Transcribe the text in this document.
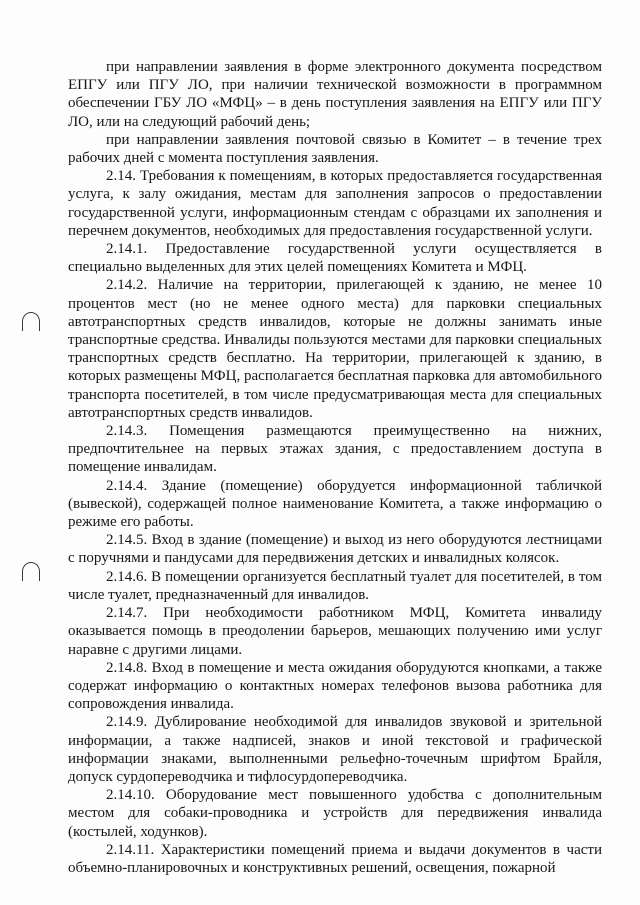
при направлении заявления в форме электронного документа посредством ЕПГУ или ПГУ ЛО, при наличии технической возможности в программном обеспечении ГБУ ЛО «МФЦ» – в день поступления заявления на ЕПГУ или ПГУ ЛО, или на следующий рабочий день;

при направлении заявления почтовой связью в Комитет – в течение трех рабочих дней с момента поступления заявления.

2.14. Требования к помещениям, в которых предоставляется государственная услуга, к залу ожидания, местам для заполнения запросов о предоставлении государственной услуги, информационным стендам с образцами их заполнения и перечнем документов, необходимых для предоставления государственной услуги.

2.14.1. Предоставление государственной услуги осуществляется в специально выделенных для этих целей помещениях Комитета и МФЦ.

2.14.2. Наличие на территории, прилегающей к зданию, не менее 10 процентов мест (но не менее одного места) для парковки специальных автотранспортных средств инвалидов, которые не должны занимать иные транспортные средства. Инвалиды пользуются местами для парковки специальных транспортных средств бесплатно. На территории, прилегающей к зданию, в которых размещены МФЦ, располагается бесплатная парковка для автомобильного транспорта посетителей, в том числе предусматривающая места для специальных автотранспортных средств инвалидов.

2.14.3. Помещения размещаются преимущественно на нижних, предпочтительнее на первых этажах здания, с предоставлением доступа в помещение инвалидам.

2.14.4. Здание (помещение) оборудуется информационной табличкой (вывеской), содержащей полное наименование Комитета, а также информацию о режиме его работы.

2.14.5. Вход в здание (помещение) и выход из него оборудуются лестницами с поручнями и пандусами для передвижения детских и инвалидных колясок.

2.14.6. В помещении организуется бесплатный туалет для посетителей, в том числе туалет, предназначенный для инвалидов.

2.14.7. При необходимости работником МФЦ, Комитета инвалиду оказывается помощь в преодолении барьеров, мешающих получению ими услуг наравне с другими лицами.

2.14.8. Вход в помещение и места ожидания оборудуются кнопками, а также содержат информацию о контактных номерах телефонов вызова работника для сопровождения инвалида.

2.14.9. Дублирование необходимой для инвалидов звуковой и зрительной информации, а также надписей, знаков и иной текстовой и графической информации знаками, выполненными рельефно-точечным шрифтом Брайля, допуск сурдопереводчика и тифлосурдопереводчика.

2.14.10. Оборудование мест повышенного удобства с дополнительным местом для собаки-проводника и устройств для передвижения инвалида (костылей, ходунков).

2.14.11. Характеристики помещений приема и выдачи документов в части объемно-планировочных и конструктивных решений, освещения, пожарной
